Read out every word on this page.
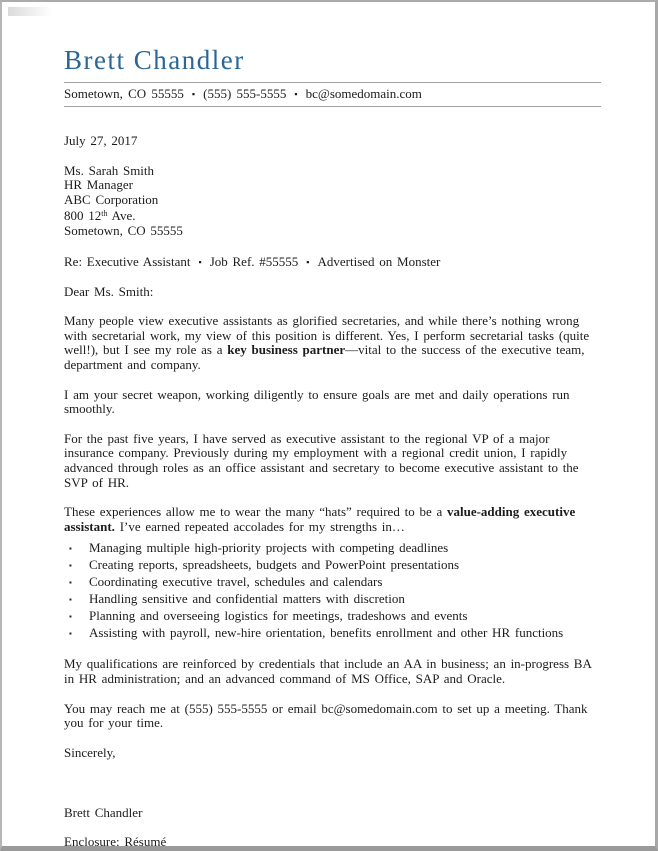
Brett Chandler
Sometown, CO 55555 ▪ (555) 555-5555 ▪ bc@somedomain.com

July 27, 2017

Ms. Sarah Smith
HR Manager
ABC Corporation
800 12th Ave.
Sometown, CO 55555

Re: Executive Assistant ▪ Job Ref. #55555 ▪ Advertised on Monster

Dear Ms. Smith:

Many people view executive assistants as glorified secretaries, and while there’s nothing wrong with secretarial work, my view of this position is different. Yes, I perform secretarial tasks (quite well!), but I see my role as a key business partner—vital to the success of the executive team, department and company.

I am your secret weapon, working diligently to ensure goals are met and daily operations run smoothly.

For the past five years, I have served as executive assistant to the regional VP of a major insurance company. Previously during my employment with a regional credit union, I rapidly advanced through roles as an office assistant and secretary to become executive assistant to the SVP of HR.

These experiences allow me to wear the many “hats” required to be a value-adding executive assistant. I’ve earned repeated accolades for my strengths in…

▪ Managing multiple high-priority projects with competing deadlines
▪ Creating reports, spreadsheets, budgets and PowerPoint presentations
▪ Coordinating executive travel, schedules and calendars
▪ Handling sensitive and confidential matters with discretion
▪ Planning and overseeing logistics for meetings, tradeshows and events
▪ Assisting with payroll, new-hire orientation, benefits enrollment and other HR functions

My qualifications are reinforced by credentials that include an AA in business; an in-progress BA in HR administration; and an advanced command of MS Office, SAP and Oracle.

You may reach me at (555) 555-5555 or email bc@somedomain.com to set up a meeting. Thank you for your time.

Sincerely,

Brett Chandler

Enclosure: Résumé
